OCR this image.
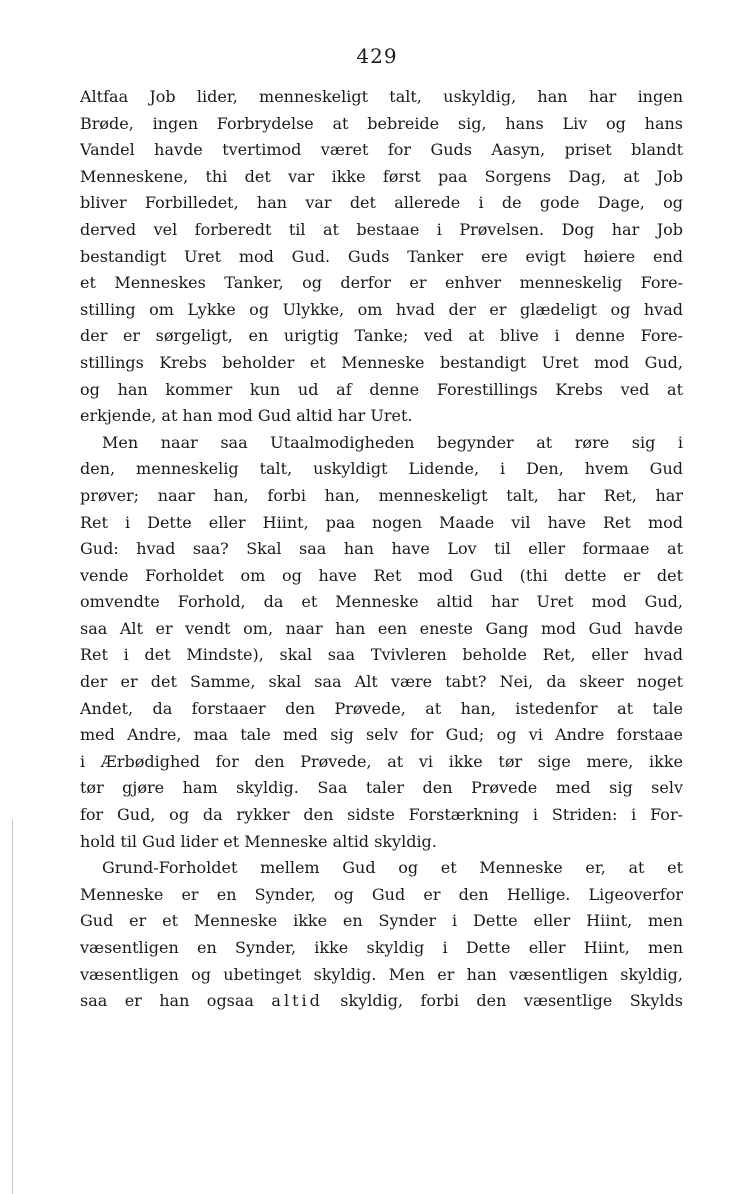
429
Altfaa Job lider, menneskeligt talt, uskyldig, han har ingen
Brøde, ingen Forbrydelse at bebreide sig, hans Liv og hans
Vandel havde tvertimod været for Guds Aasyn, priset blandt
Menneskene, thi det var ikke først paa Sorgens Dag, at Job
bliver Forbilledet, han var det allerede i de gode Dage, og
derved vel forberedt til at bestaae i Prøvelsen. Dog har Job
bestandigt Uret mod Gud. Guds Tanker ere evigt høiere end
et Menneskes Tanker, og derfor er enhver menneskelig Fore-
stilling om Lykke og Ulykke, om hvad der er glædeligt og hvad
der er sørgeligt, en urigtig Tanke; ved at blive i denne Fore-
stillings Krebs beholder et Menneske bestandigt Uret mod Gud,
og han kommer kun ud af denne Forestillings Krebs ved at
erkjende, at han mod Gud altid har Uret.
Men naar saa Utaalmodigheden begynder at røre sig i
den, menneskelig talt, uskyldigt Lidende, i Den, hvem Gud
prøver; naar han, forbi han, menneskeligt talt, har Ret, har
Ret i Dette eller Hiint, paa nogen Maade vil have Ret mod
Gud: hvad saa? Skal saa han have Lov til eller formaae at
vende Forholdet om og have Ret mod Gud (thi dette er det
omvendte Forhold, da et Menneske altid har Uret mod Gud,
saa Alt er vendt om, naar han een eneste Gang mod Gud havde
Ret i det Mindste), skal saa Tvivleren beholde Ret, eller hvad
der er det Samme, skal saa Alt være tabt? Nei, da skeer noget
Andet, da forstaaer den Prøvede, at han, istedenfor at tale
med Andre, maa tale med sig selv for Gud; og vi Andre forstaae
i Ærbødighed for den Prøvede, at vi ikke tør sige mere, ikke
tør gjøre ham skyldig. Saa taler den Prøvede med sig selv
for Gud, og da rykker den sidste Forstærkning i Striden: i For-
hold til Gud lider et Menneske altid skyldig.
Grund-Forholdet mellem Gud og et Menneske er, at et
Menneske er en Synder, og Gud er den Hellige. Ligeoverfor
Gud er et Menneske ikke en Synder i Dette eller Hiint, men
væsentligen en Synder, ikke skyldig i Dette eller Hiint, men
væsentligen og ubetinget skyldig. Men er han væsentligen skyldig,
saa er han ogsaa altid skyldig, forbi den væsentlige Skylds
